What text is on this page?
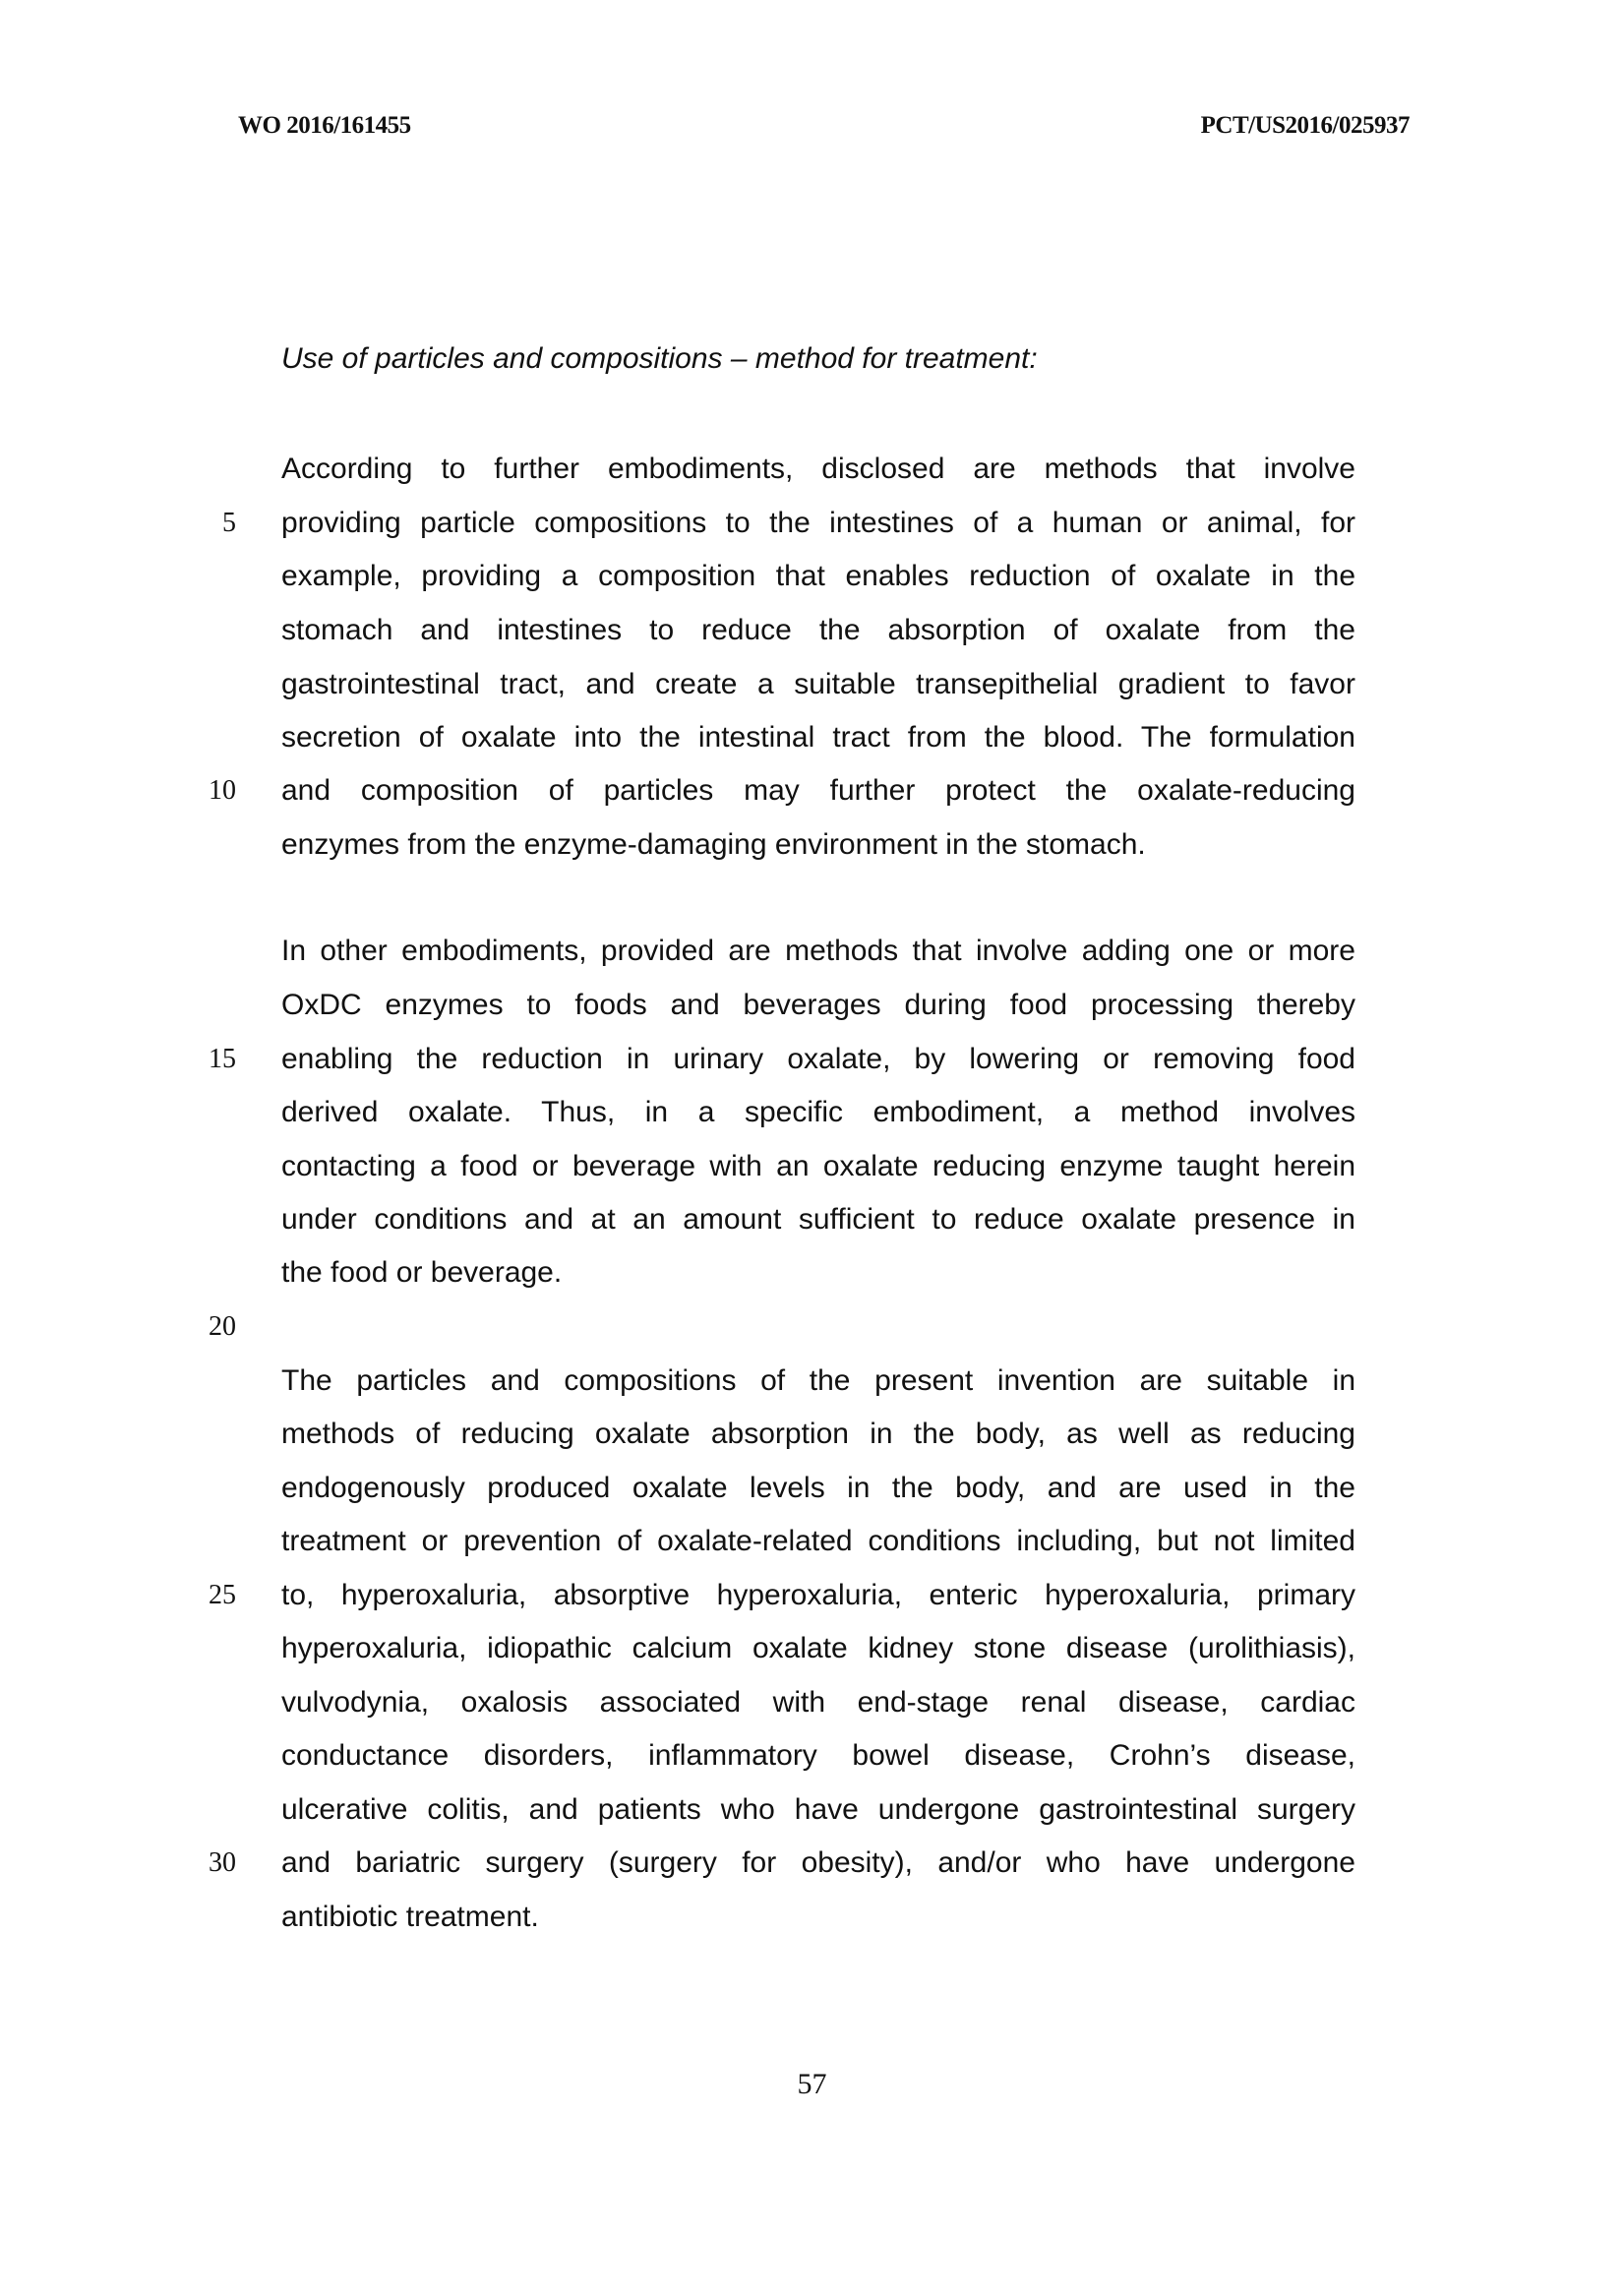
WO 2016/161455	PCT/US2016/025937
Use of particles and compositions – method for treatment:
According to further embodiments, disclosed are methods that involve
providing particle compositions to the intestines of a human or animal, for
example, providing a composition that enables reduction of oxalate in the
stomach and intestines to reduce the absorption of oxalate from the
gastrointestinal tract, and create a suitable transepithelial gradient to favor
secretion of oxalate into the intestinal tract from the blood. The formulation
and composition of particles may further protect the oxalate-reducing
enzymes from the enzyme-damaging environment in the stomach.
In other embodiments, provided are methods that involve adding one or more
OxDC enzymes to foods and beverages during food processing thereby
enabling the reduction in urinary oxalate, by lowering or removing food
derived oxalate. Thus, in a specific embodiment, a method involves
contacting a food or beverage with an oxalate reducing enzyme taught herein
under conditions and at an amount sufficient to reduce oxalate presence in
the food or beverage.
The particles and compositions of the present invention are suitable in
methods of reducing oxalate absorption in the body, as well as reducing
endogenously produced oxalate levels in the body, and are used in the
treatment or prevention of oxalate-related conditions including, but not limited
to, hyperoxaluria, absorptive hyperoxaluria, enteric hyperoxaluria, primary
hyperoxaluria, idiopathic calcium oxalate kidney stone disease (urolithiasis),
vulvodynia, oxalosis associated with end-stage renal disease, cardiac
conductance disorders, inflammatory bowel disease, Crohn’s disease,
ulcerative colitis, and patients who have undergone gastrointestinal surgery
and bariatric surgery (surgery for obesity), and/or who have undergone
antibiotic treatment.
5
10
15
20
25
30
57
